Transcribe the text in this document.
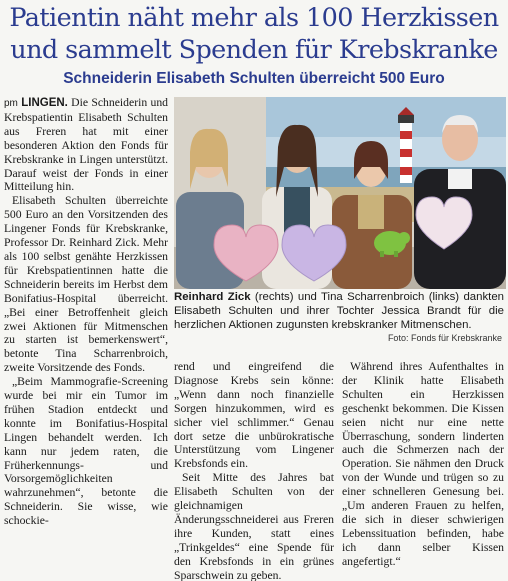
Patientin näht mehr als 100 Herzkissen
und sammelt Spenden für Krebskranke
Schneiderin Elisabeth Schulten überreicht 500 Euro

pm LINGEN. Die Schneiderin und Krebspatientin Elisabeth Schulten aus Freren hat mit einer besonderen Aktion den Fonds für Krebskranke in Lingen unterstützt. Darauf weist der Fonds in einer Mitteilung hin.

Elisabeth Schulten überreichte 500 Euro an den Vorsitzenden des Lingener Fonds für Krebskranke, Professor Dr. Reinhard Zick. Mehr als 100 selbst genähte Herzkissen für Krebspatientinnen hatte die Schneiderin bereits im Herbst dem Bonifatius-Hospital überreicht. „Bei einer Betroffenheit gleich zwei Aktionen für Mitmenschen zu starten ist bemerkenswert“, betonte Tina Scharrenbroich, zweite Vorsitzende des Fonds.

„Beim Mammografie-Screening wurde bei mir ein Tumor im frühen Stadion entdeckt und konnte im Bonifatius-Hospital Lingen behandelt werden. Ich kann nur jedem raten, die Früherkennungs- und Vorsorgemöglichkeiten wahrzunehmen“, betonte die Schneiderin. Sie wisse, wie schockie-

Reinhard Zick (rechts) und Tina Scharrenbroich (links) dankten Elisabeth Schulten und ihrer Tochter Jessica Brandt für die herzlichen Aktionen zugunsten krebskranker Mitmenschen.
Foto: Fonds für Krebskranke

rend und eingreifend die Diagnose Krebs sein könne: „Wenn dann noch finanzielle Sorgen hinzukommen, wird es sicher viel schlimmer.“ Genau dort setze die unbürokratische Unterstützung vom Lingener Krebsfonds ein.

Seit Mitte des Jahres bat Elisabeth Schulten von der gleichnamigen Änderungsschneiderei aus Freren ihre Kunden, statt eines „Trinkgeldes“ eine Spende für den Krebsfonds in ein grünes Sparschwein zu geben.

Während ihres Aufenthaltes in der Klinik hatte Elisabeth Schulten ein Herzkissen geschenkt bekommen. Die Kissen seien nicht nur eine nette Überraschung, sondern linderten auch die Schmerzen nach der Operation. Sie nähmen den Druck von der Wunde und trügen so zu einer schnelleren Genesung bei. „Um anderen Frauen zu helfen, die sich in dieser schwierigen Lebenssituation befinden, habe ich dann selber Kissen angefertigt.“
